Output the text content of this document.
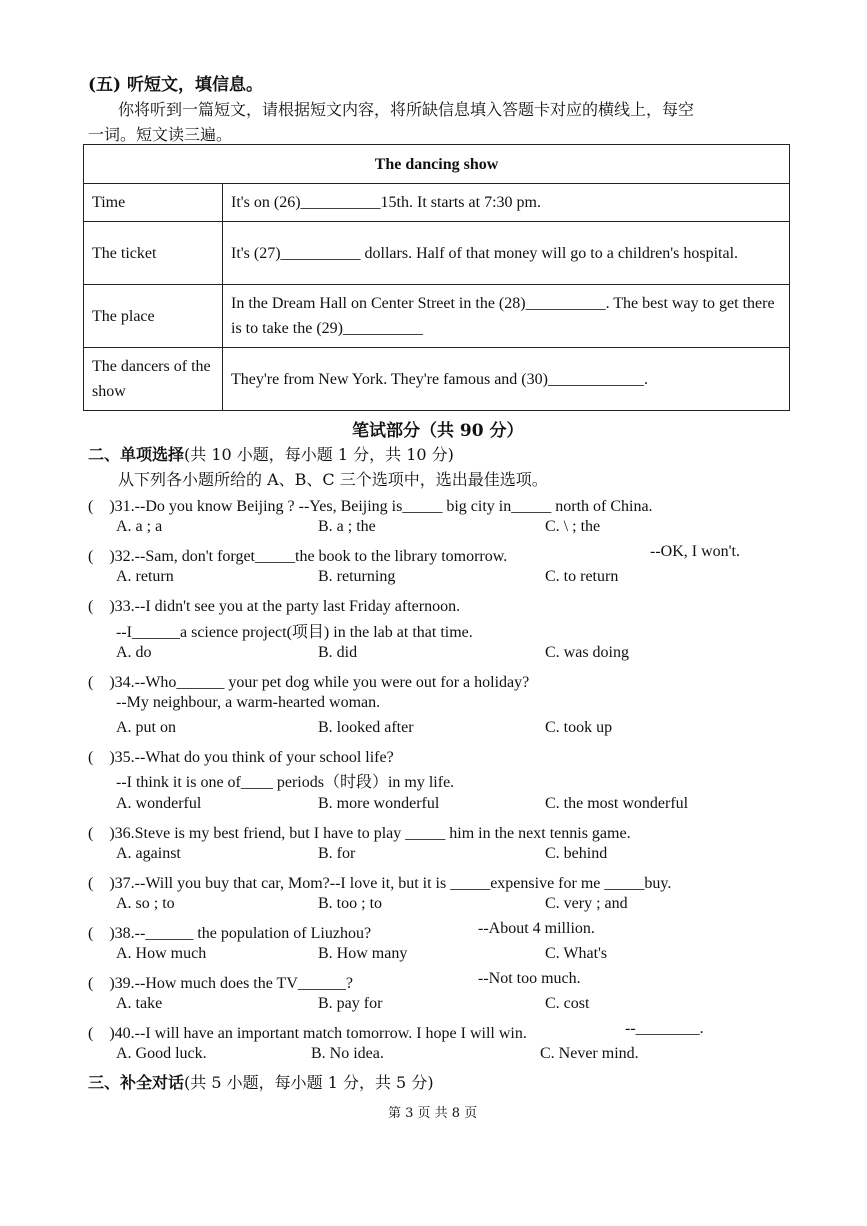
(五) 听短文，填信息。
你将听到一篇短文，请根据短文内容，将所缺信息填入答题卡对应的横线上，每空
一词。短文读三遍。
The dancing show	
Time	It's on (26)__________15th. It starts at 7:30 pm.
The ticket	It's (27)__________ dollars. Half of that money will go to a children's hospital.
The place	In the Dream Hall on Center Street in the (28)__________. The best way to get there is to take the (29)__________
The dancers of the show	They're from New York. They're famous and (30)____________.
笔试部分（共 90 分）
二、单项选择(共 10 小题，每小题 1 分，共 10 分)
从下列各小题所给的 A、B、C 三个选项中，选出最佳选项。
(　)31.--Do you know Beijing ? --Yes, Beijing is_____ big city in_____ north of China.
A. a ; a	B. a ; the	C. \ ; the
(　)32.--Sam, don't forget_____the book to the library tomorrow.	--OK, I won't.
A. return	B. returning	C. to return
(　)33.--I didn't see you at the party last Friday afternoon.
--I______a science project(项目) in the lab at that time.
A. do	B. did	C. was doing
(　)34.--Who______ your pet dog while you were out for a holiday?
--My neighbour, a warm-hearted woman.
A. put on	B. looked after	C. took up
(　)35.--What do you think of your school life?
--I think it is one of____ periods（时段）in my life.
A. wonderful	B. more wonderful	C. the most wonderful
(　)36.Steve is my best friend, but I have to play _____ him in the next tennis game.
A. against	B. for	C. behind
(　)37.--Will you buy that car, Mom?--I love it, but it is _____expensive for me _____buy.
A. so ; to	B. too ; to	C. very ; and
(　)38.--______ the population of Liuzhou?	--About 4 million.
A. How much	B. How many	C. What's
(　)39.--How much does the TV______?	--Not too much.
A. take	B. pay for	C. cost
(　)40.--I will have an important match tomorrow. I hope I will win.	--________.
A. Good luck.	B. No idea.	C. Never mind.
三、补全对话(共 5 小题，每小题 1 分，共 5 分)
第 3 页 共 8 页
